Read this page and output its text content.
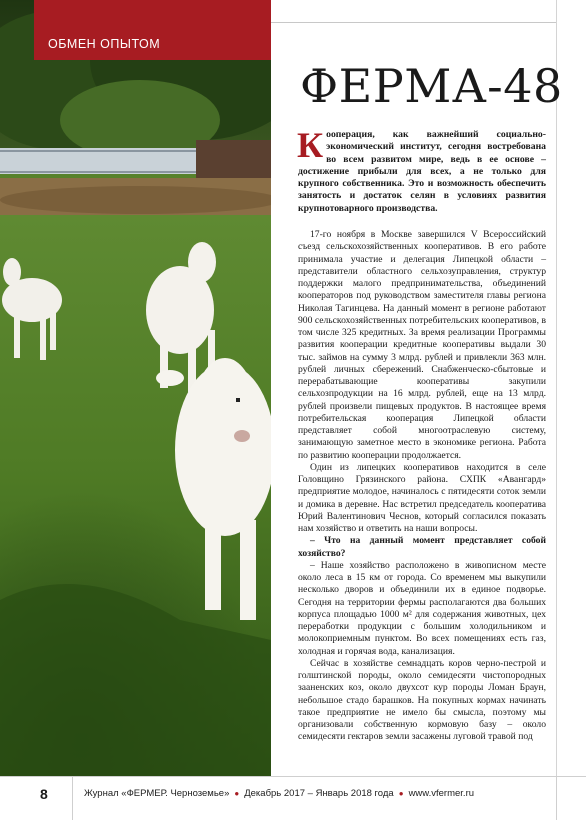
ОБМЕН ОПЫТОМ
ФЕРМА-48

Кооперация, как важнейший социально-экономический институт, сегодня востребована во всем развитом мире, ведь в ее основе – достижение прибыли для всех, а не только для крупного собственника. Это и возможность обеспечить занятость и достаток селян в условиях развития крупнотоварного производства.

17-го ноября в Москве завершился V Всероссийский съезд сельскохозяйственных кооперативов. В его работе принимала участие и делегация Липецкой области – представители областного сельхозуправления, структур поддержки малого предпринимательства, объединений кооператоров под руководством заместителя главы региона Николая Тагинцева. На данный момент в регионе работают 900 сельскохозяйственных потребительских кооперативов, в том числе 325 кредитных. За время реализации Программы развития кооперации кредитные кооперативы выдали 30 тыс. займов на сумму 3 млрд. рублей и привлекли 363 млн. рублей личных сбережений. Снабженческо-сбытовые и перерабатывающие кооперативы закупили сельхозпродукции на 16 млрд. рублей, еще на 13 млрд. рублей произвели пищевых продуктов. В настоящее время потребительская кооперация Липецкой области представляет собой многоотраслевую систему, занимающую заметное место в экономике региона. Работа по развитию кооперации продолжается.

Один из липецких кооперативов находится в селе Головщино Грязинского района. СХПК «Авангард» предприятие молодое, начиналось с пятидесяти соток земли и домика в деревне. Нас встретил председатель кооператива Юрий Валентинович Чеснов, который согласился показать нам хозяйство и ответить на наши вопросы.

– Что на данный момент представляет собой хозяйство?

– Наше хозяйство расположено в живописном месте около леса в 15 км от города. Со временем мы выкупили несколько дворов и объединили их в единое подворье. Сегодня на территории фермы располагаются два больших корпуса площадью 1000 м² для содержания животных, цех переработки продукции с большим холодильником и молокоприемным пунктом. Во всех помещениях есть газ, холодная и горячая вода, канализация.

Сейчас в хозяйстве семнадцать коров черно-пестрой и голштинской породы, около семидесяти чистопородных зааненских коз, около двухсот кур породы Ломан Браун, небольшое стадо барашков. На покупных кормах начинать такое предприятие не имело бы смысла, поэтому мы организовали собственную кормовую базу – около семидесяти гектаров земли засажены луговой травой под

8	Журнал «ФЕРМЕР. Черноземье» ● Декабрь 2017 – Январь 2018 года ● www.vfermer.ru
